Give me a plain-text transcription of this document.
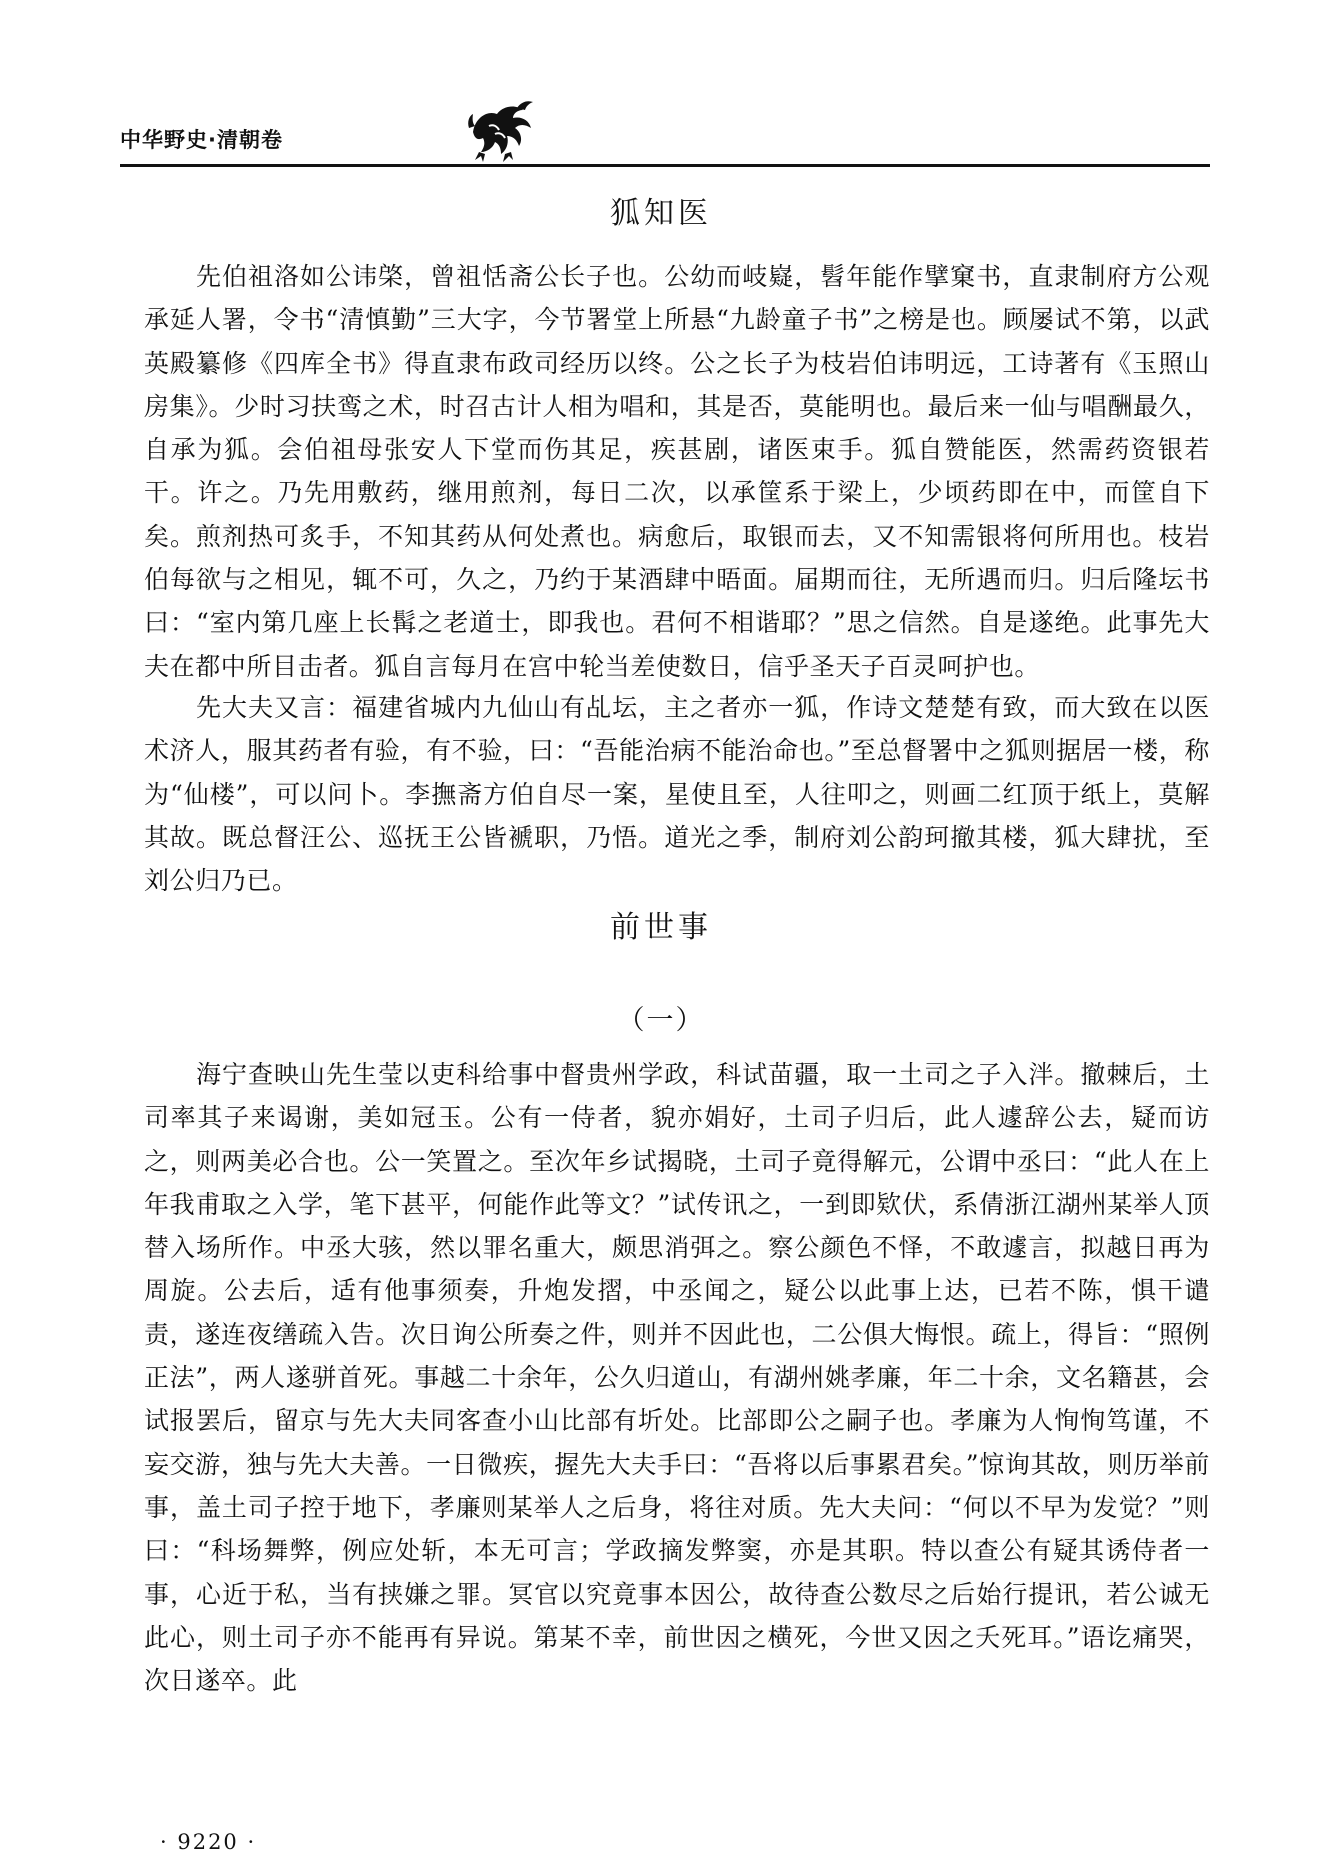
中华野史·清朝卷
狐知医

先伯祖洛如公讳棨，曾祖恬斋公长子也。公幼而岐嶷，髫年能作擘窠书，直隶制府方公观承延人署，令书“清慎勤”三大字，今节署堂上所悬“九龄童子书”之榜是也。顾屡试不第，以武英殿纂修《四库全书》得直隶布政司经历以终。公之长子为枝岩伯讳明远，工诗著有《玉照山房集》。少时习扶鸾之术，时召古计人相为唱和，其是否，莫能明也。最后来一仙与唱酬最久，自承为狐。会伯祖母张安人下堂而伤其足，疾甚剧，诸医束手。狐自赞能医，然需药资银若干。许之。乃先用敷药，继用煎剂，每日二次，以承筐系于梁上，少顷药即在中，而筐自下矣。煎剂热可炙手，不知其药从何处煮也。病愈后，取银而去，又不知需银将何所用也。枝岩伯每欲与之相见，辄不可，久之，乃约于某酒肆中晤面。届期而往，无所遇而归。归后隆坛书曰：“室内第几座上长髯之老道士，即我也。君何不相谐耶？”思之信然。自是遂绝。此事先大夫在都中所目击者。狐自言每月在宫中轮当差使数日，信乎圣天子百灵呵护也。

先大夫又言：福建省城内九仙山有乩坛，主之者亦一狐，作诗文楚楚有致，而大致在以医术济人，服其药者有验，有不验，曰：“吾能治病不能治命也。”至总督署中之狐则据居一楼，称为“仙楼”，可以问卜。李撫斋方伯自尽一案，星使且至，人往叩之，则画二红顶于纸上，莫解其故。既总督汪公、巡抚王公皆褫职，乃悟。道光之季，制府刘公韵珂撤其楼，狐大肆扰，至刘公归乃已。

前世事
（一）

海宁查映山先生莹以吏科给事中督贵州学政，科试苗疆，取一土司之子入泮。撤棘后，土司率其子来谒谢，美如冠玉。公有一侍者，貌亦娟好，土司子归后，此人遽辞公去，疑而访之，则两美必合也。公一笑置之。至次年乡试揭晓，土司子竟得解元，公谓中丞曰：“此人在上年我甫取之入学，笔下甚平，何能作此等文？”试传讯之，一到即欵伏，系倩浙江湖州某举人顶替入场所作。中丞大骇，然以罪名重大，颇思消弭之。察公颜色不怿，不敢遽言，拟越日再为周旋。公去后，适有他事须奏，升炮发摺，中丞闻之，疑公以此事上达，已若不陈，惧干谴责，遂连夜缮疏入告。次日询公所奏之件，则并不因此也，二公俱大悔恨。疏上，得旨：“照例正法”，两人遂骈首死。事越二十余年，公久归道山，有湖州姚孝廉，年二十余，文名籍甚，会试报罢后，留京与先大夫同客查小山比部有圻处。比部即公之嗣子也。孝廉为人恂恂笃谨，不妄交游，独与先大夫善。一日微疾，握先大夫手曰：“吾将以后事累君矣。”惊询其故，则历举前事，盖土司子控于地下，孝廉则某举人之后身，将往对质。先大夫问：“何以不早为发觉？”则曰：“科场舞弊，例应处斩，本无可言；学政摘发弊窦，亦是其职。特以查公有疑其诱侍者一事，心近于私，当有挟嫌之罪。冥官以究竟事本因公，故待查公数尽之后始行提讯，若公诚无此心，则土司子亦不能再有异说。第某不幸，前世因之横死，今世又因之夭死耳。”语讫痛哭，次日遂卒。此

· 9220 ·
